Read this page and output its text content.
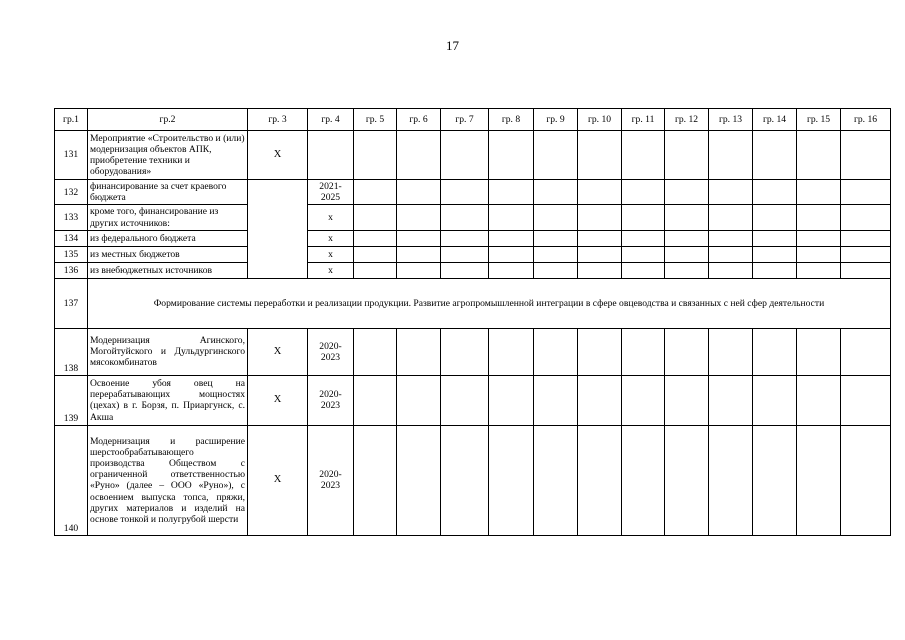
17
гр.1	гр.2	гр. 3	гр. 4	гр. 5	гр. 6	гр. 7	гр. 8	гр. 9	гр. 10	гр. 11	гр. 12	гр. 13	гр. 14	гр. 15	гр. 16
131	Мероприятие «Строительство и (или) модернизация объектов АПК, приобретение техники и оборудования»	Х													
132	финансирование за счет краевого бюджета		2021-2025												
133	кроме того, финансирование из других источников:		х												
134	из федерального бюджета		х												
135	из местных бюджетов		х												
136	из внебюджетных источников		х												
137	Формирование системы переработки и реализации продукции. Развитие агропромышленной интеграции в сфере овцеводства и связанных с ней сфер деятельности														
138	Модернизация Агинского, Могойтуйского и Дульдургинского мясокомбинатов	Х	2020-2023												
139	Освоение убоя овец на перерабатывающих мощностях (цехах) в г. Борзя, п. Приаргунск, с. Акша	Х	2020-2023												
140	Модернизация и расширение шерстообрабатывающего производства Обществом с ограниченной ответственностью «Руно» (далее – ООО «Руно»), с освоением выпуска топса, пряжи, других материалов и изделий на основе тонкой и полугрубой шерсти	Х	2020-2023												
